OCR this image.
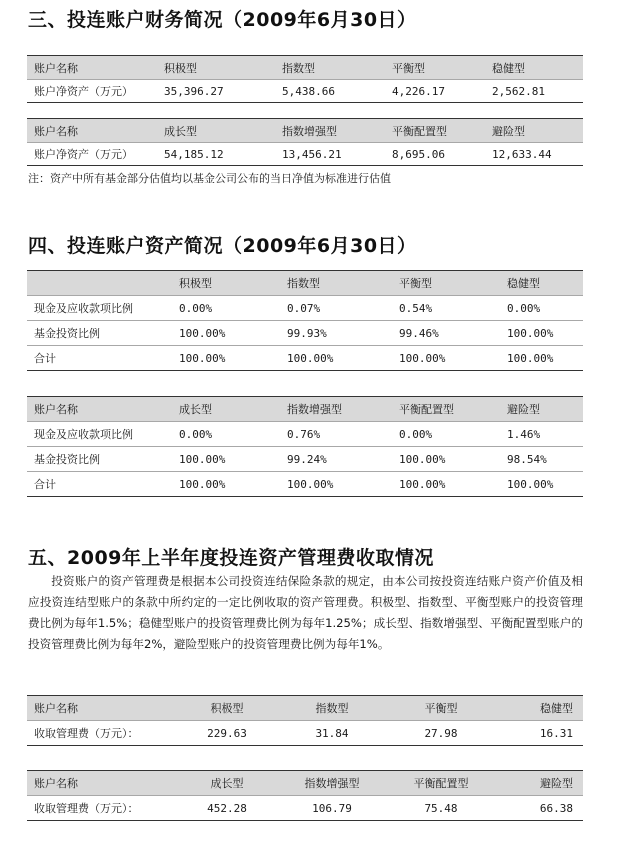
三、投连账户财务简况（2009年6月30日）
账户名称	积极型	指数型	平衡型	稳健型
账户净资产（万元）	35,396.27	5,438.66	4,226.17	2,562.81
账户名称	成长型	指数增强型	平衡配置型	避险型
账户净资产（万元）	54,185.12	13,456.21	8,695.06	12,633.44

注：资产中所有基金部分估值均以基金公司公布的当日净值为标准进行估值

四、投连账户资产简况（2009年6月30日）
	积极型	指数型	平衡型	稳健型
现金及应收款项比例	0.00%	0.07%	0.54%	0.00%
基金投资比例	100.00%	99.93%	99.46%	100.00%
合计	100.00%	100.00%	100.00%	100.00%
账户名称	成长型	指数增强型	平衡配置型	避险型
现金及应收款项比例	0.00%	0.76%	0.00%	1.46%
基金投资比例	100.00%	99.24%	100.00%	98.54%
合计	100.00%	100.00%	100.00%	100.00%
五、2009年上半年度投连资产管理费收取情况

投资账户的资产管理费是根据本公司投资连结保险条款的规定，由本公司按投资连结账户资产价值及相应投资连结型账户的条款中所约定的一定比例收取的资产管理费。积极型、指数型、平衡型账户的投资管理费比例为每年1.5%；稳健型账户的投资管理费比例为每年1.25%；成长型、指数增强型、平衡配置型账户的投资管理费比例为每年2%，避险型账户的投资管理费比例为每年1%。

账户名称	积极型	指数型	平衡型	稳健型
收取管理费（万元）：	229.63	31.84	27.98	16.31
账户名称	成长型	指数增强型	平衡配置型	避险型
收取管理费（万元）：	452.28	106.79	75.48	66.38
